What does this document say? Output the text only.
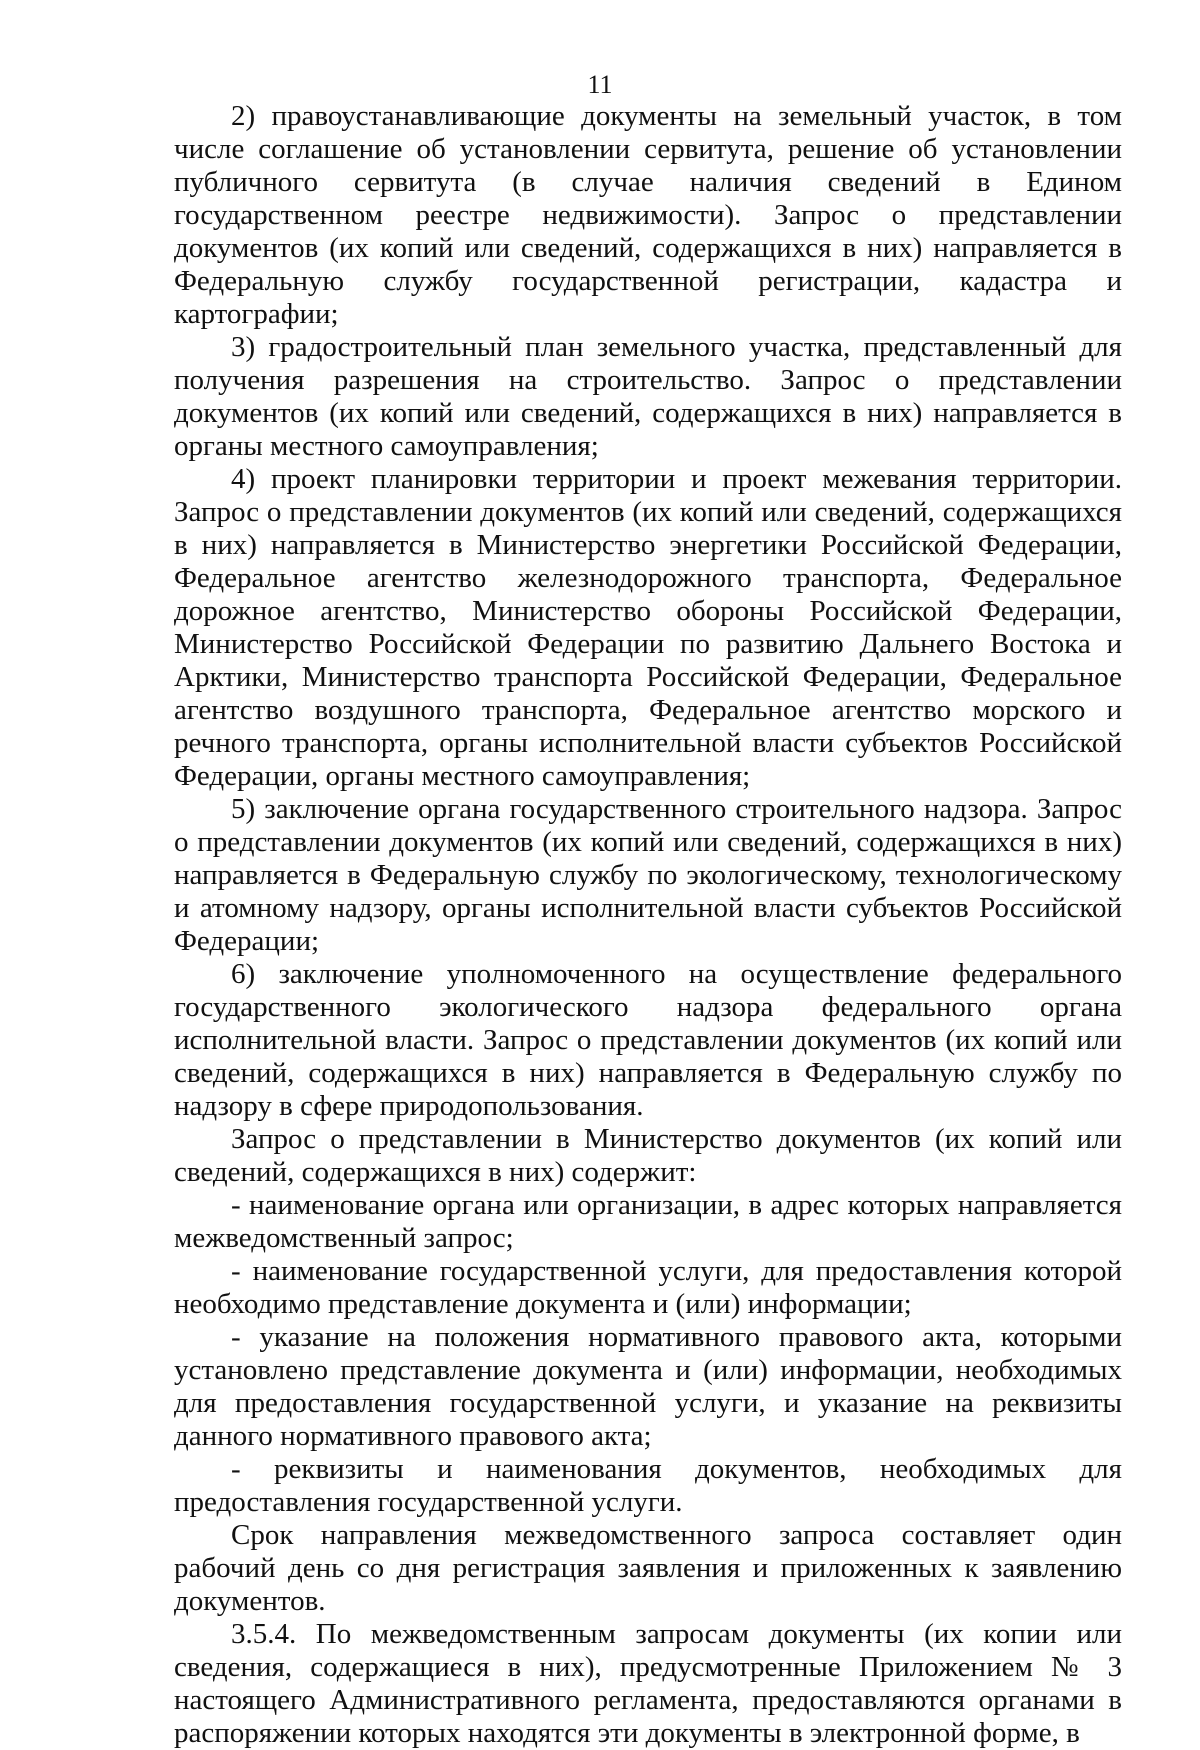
11

2) правоустанавливающие документы на земельный участок, в том числе соглашение об установлении сервитута, решение об установлении публичного сервитута (в случае наличия сведений в Едином государственном реестре недвижимости). Запрос о представлении документов (их копий или сведений, содержащихся в них) направляется в Федеральную службу государственной регистрации, кадастра и картографии;

3) градостроительный план земельного участка, представленный для получения разрешения на строительство. Запрос о представлении документов (их копий или сведений, содержащихся в них) направляется в органы местного самоуправления;

4) проект планировки территории и проект межевания территории. Запрос о представлении документов (их копий или сведений, содержащихся в них) направляется в Министерство энергетики Российской Федерации, Федеральное агентство железнодорожного транспорта, Федеральное дорожное агентство, Министерство обороны Российской Федерации, Министерство Российской Федерации по развитию Дальнего Востока и Арктики, Министерство транспорта Российской Федерации, Федеральное агентство воздушного транспорта, Федеральное агентство морского и речного транспорта, органы исполнительной власти субъектов Российской Федерации, органы местного самоуправления;

5) заключение органа государственного строительного надзора. Запрос о представлении документов (их копий или сведений, содержащихся в них) направляется в Федеральную службу по экологическому, технологическому и атомному надзору, органы исполнительной власти субъектов Российской Федерации;

6) заключение уполномоченного на осуществление федерального государственного экологического надзора федерального органа исполнительной власти. Запрос о представлении документов (их копий или сведений, содержащихся в них) направляется в Федеральную службу по надзору в сфере природопользования.

Запрос о представлении в Министерство документов (их копий или сведений, содержащихся в них) содержит:

- наименование органа или организации, в адрес которых направляется межведомственный запрос;

- наименование государственной услуги, для предоставления которой необходимо представление документа и (или) информации;

- указание на положения нормативного правового акта, которыми установлено представление документа и (или) информации, необходимых для предоставления государственной услуги, и указание на реквизиты данного нормативного правового акта;

- реквизиты и наименования документов, необходимых для предоставления государственной услуги.

Срок направления межведомственного запроса составляет один рабочий день со дня регистрация заявления и приложенных к заявлению документов.

3.5.4. По межведомственным запросам документы (их копии или сведения, содержащиеся в них), предусмотренные Приложением № 3 настоящего Административного регламента, предоставляются органами в распоряжении которых находятся эти документы в электронной форме, в
